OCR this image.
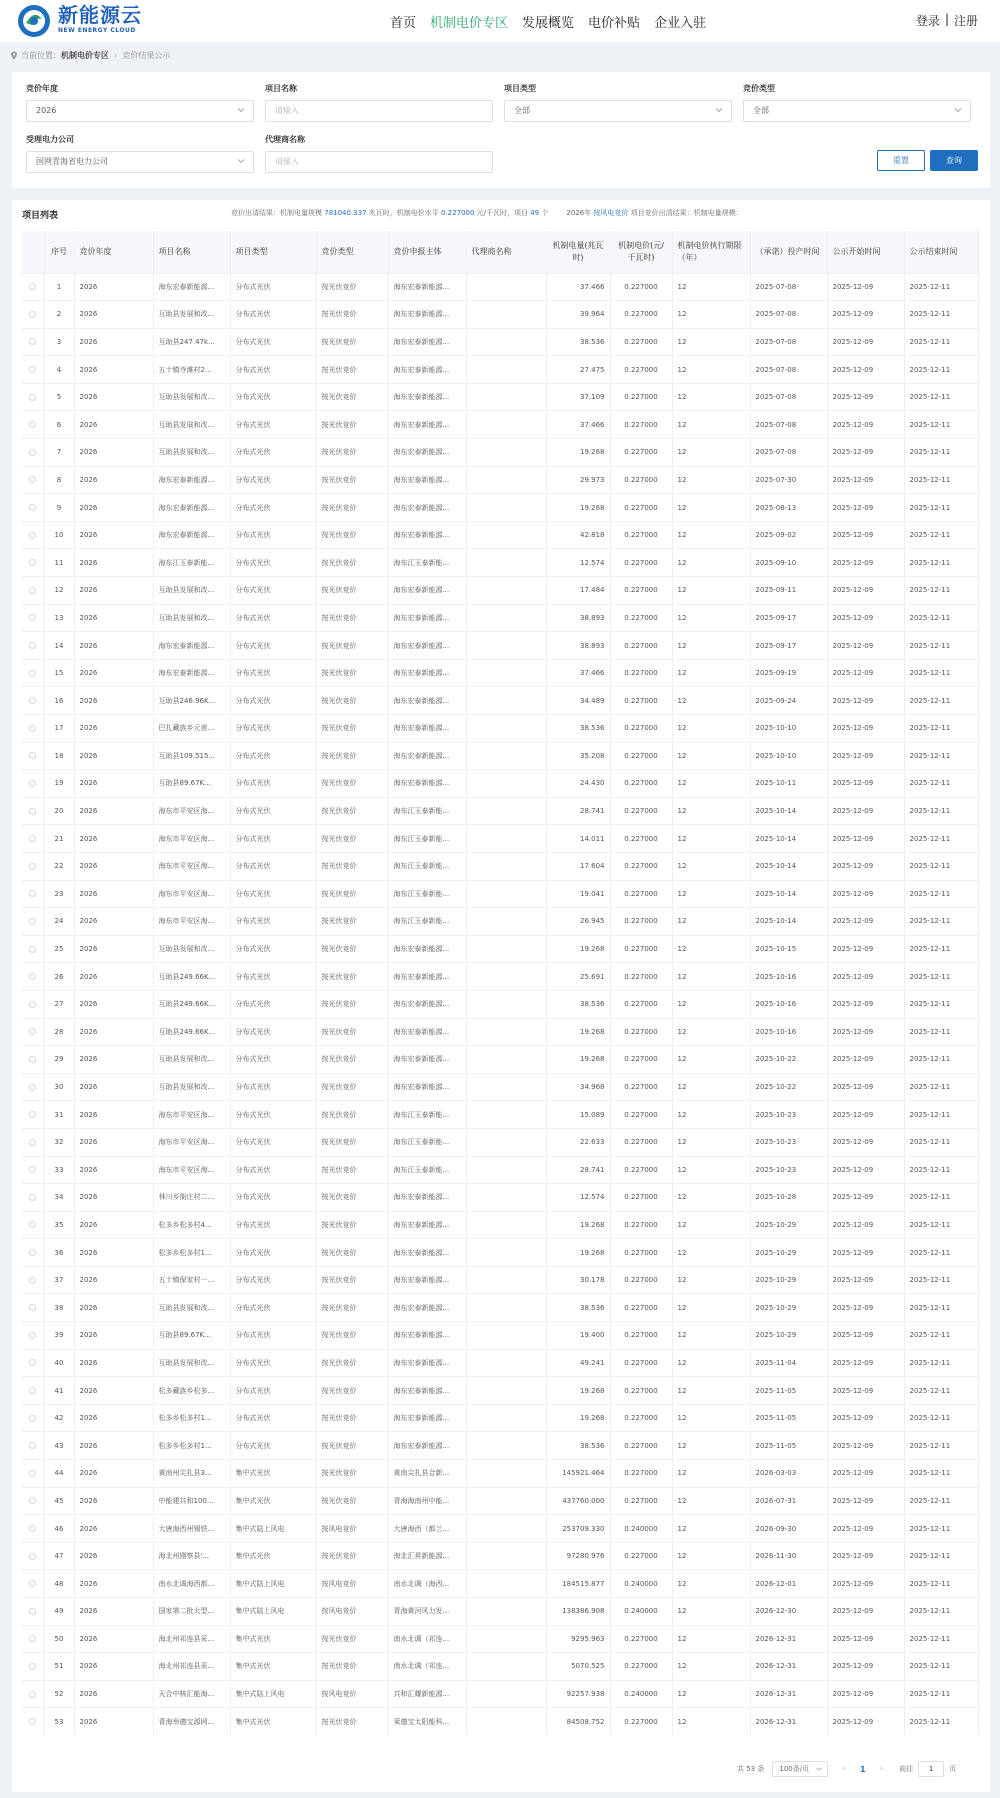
新能源云
NEW ENERGY CLOUD	首页 机制电价专区 发展概览 电价补贴 企业入驻	登录 | 注册
当前位置： 机制电价专区 › 竞价结果公示
竞价年度
2026
项目名称
请输入
项目类型
全部
竞价类型
全部
受理电力公司
国网青海省电力公司
代理商名称
请输入	重置	查询
项目列表	竞价出清结果：机制电量规模 781040.337 兆瓦时，机制电价水平 0.227000 元/千瓦时，项目 49 个	2026年 按风电竞价 项目竞价出清结果：机制电量规模：
	序号	竞价年度	项目名称	项目类型	竞价类型	竞价申报主体	代理商名称	机制电量(兆瓦时)	机制电价(元/千瓦时)	机制电价执行期限（年）	（承诺）投产时间	公示开始时间	公示结束时间
	1	2026	海东宏泰新能源...	分布式光伏	按光伏竞价	海东宏泰新能源...		37.466	0.227000	12	2025-07-08	2025-12-09	2025-12-11
	2	2026	互助县发展和改...	分布式光伏	按光伏竞价	海东宏泰新能源...		39.964	0.227000	12	2025-07-08	2025-12-09	2025-12-11
	3	2026	互助县247.47k...	分布式光伏	按光伏竞价	海东宏泰新能源...		38.536	0.227000	12	2025-07-08	2025-12-09	2025-12-11
	4	2026	五十镇寺滩村2...	分布式光伏	按光伏竞价	海东宏泰新能源...		27.475	0.227000	12	2025-07-08	2025-12-09	2025-12-11
	5	2026	互助县发展和改...	分布式光伏	按光伏竞价	海东宏泰新能源...		37.109	0.227000	12	2025-07-08	2025-12-09	2025-12-11
	6	2026	互助县发展和改...	分布式光伏	按光伏竞价	海东宏泰新能源...		37.466	0.227000	12	2025-07-08	2025-12-09	2025-12-11
	7	2026	互助县发展和改...	分布式光伏	按光伏竞价	海东宏泰新能源...		19.268	0.227000	12	2025-07-08	2025-12-09	2025-12-11
	8	2026	海东宏泰新能源...	分布式光伏	按光伏竞价	海东宏泰新能源...		29.973	0.227000	12	2025-07-30	2025-12-09	2025-12-11
	9	2026	海东宏泰新能源...	分布式光伏	按光伏竞价	海东宏泰新能源...		19.268	0.227000	12	2025-08-13	2025-12-09	2025-12-11
	10	2026	海东宏泰新能源...	分布式光伏	按光伏竞价	海东宏泰新能源...		42.818	0.227000	12	2025-09-02	2025-12-09	2025-12-11
	11	2026	海东江玉泰新能...	分布式光伏	按光伏竞价	海东江玉泰新能...		12.574	0.227000	12	2025-09-10	2025-12-09	2025-12-11
	12	2026	互助县发展和改...	分布式光伏	按光伏竞价	海东宏泰新能源...		17.484	0.227000	12	2025-09-11	2025-12-09	2025-12-11
	13	2026	互助县发展和改...	分布式光伏	按光伏竞价	海东宏泰新能源...		38.893	0.227000	12	2025-09-17	2025-12-09	2025-12-11
	14	2026	海东宏泰新能源...	分布式光伏	按光伏竞价	海东宏泰新能源...		38.893	0.227000	12	2025-09-17	2025-12-09	2025-12-11
	15	2026	海东宏泰新能源...	分布式光伏	按光伏竞价	海东宏泰新能源...		37.466	0.227000	12	2025-09-19	2025-12-09	2025-12-11
	16	2026	互助县246.96K...	分布式光伏	按光伏竞价	海东宏泰新能源...		34.489	0.227000	12	2025-09-24	2025-12-09	2025-12-11
	17	2026	巴扎藏族乡元甫...	分布式光伏	按光伏竞价	海东宏泰新能源...		38.536	0.227000	12	2025-10-10	2025-12-09	2025-12-11
	18	2026	互助县109.515...	分布式光伏	按光伏竞价	海东宏泰新能源...		35.208	0.227000	12	2025-10-10	2025-12-09	2025-12-11
	19	2026	互助县89.67K...	分布式光伏	按光伏竞价	海东宏泰新能源...		24.430	0.227000	12	2025-10-11	2025-12-09	2025-12-11
	20	2026	海东市平安区海...	分布式光伏	按光伏竞价	海东江玉泰新能...		28.741	0.227000	12	2025-10-14	2025-12-09	2025-12-11
	21	2026	海东市平安区海...	分布式光伏	按光伏竞价	海东江玉泰新能...		14.011	0.227000	12	2025-10-14	2025-12-09	2025-12-11
	22	2026	海东市平安区海...	分布式光伏	按光伏竞价	海东江玉泰新能...		17.604	0.227000	12	2025-10-14	2025-12-09	2025-12-11
	23	2026	海东市平安区海...	分布式光伏	按光伏竞价	海东江玉泰新能...		19.041	0.227000	12	2025-10-14	2025-12-09	2025-12-11
	24	2026	海东市平安区海...	分布式光伏	按光伏竞价	海东江玉泰新能...		26.945	0.227000	12	2025-10-14	2025-12-09	2025-12-11
	25	2026	互助县发展和改...	分布式光伏	按光伏竞价	海东宏泰新能源...		19.268	0.227000	12	2025-10-15	2025-12-09	2025-12-11
	26	2026	互助县249.66K...	分布式光伏	按光伏竞价	海东宏泰新能源...		25.691	0.227000	12	2025-10-16	2025-12-09	2025-12-11
	27	2026	互助县249.66K...	分布式光伏	按光伏竞价	海东宏泰新能源...		38.536	0.227000	12	2025-10-16	2025-12-09	2025-12-11
	28	2026	互助县249.66K...	分布式光伏	按光伏竞价	海东宏泰新能源...		19.268	0.227000	12	2025-10-16	2025-12-09	2025-12-11
	29	2026	互助县发展和改...	分布式光伏	按光伏竞价	海东宏泰新能源...		19.268	0.227000	12	2025-10-22	2025-12-09	2025-12-11
	30	2026	互助县发展和改...	分布式光伏	按光伏竞价	海东宏泰新能源...		34.968	0.227000	12	2025-10-22	2025-12-09	2025-12-11
	31	2026	海东市平安区海...	分布式光伏	按光伏竞价	海东江玉泰新能...		15.089	0.227000	12	2025-10-23	2025-12-09	2025-12-11
	32	2026	海东市平安区海...	分布式光伏	按光伏竞价	海东江玉泰新能...		22.633	0.227000	12	2025-10-23	2025-12-09	2025-12-11
	33	2026	海东市平安区海...	分布式光伏	按光伏竞价	海东江玉泰新能...		28.741	0.227000	12	2025-10-23	2025-12-09	2025-12-11
	34	2026	林川乡衙庄村二...	分布式光伏	按光伏竞价	海东宏泰新能源...		12.574	0.227000	12	2025-10-28	2025-12-09	2025-12-11
	35	2026	松多乡松多村4...	分布式光伏	按光伏竞价	海东宏泰新能源...		19.268	0.227000	12	2025-10-29	2025-12-09	2025-12-11
	36	2026	松多乡松多村1...	分布式光伏	按光伏竞价	海东宏泰新能源...		19.268	0.227000	12	2025-10-29	2025-12-09	2025-12-11
	37	2026	五十镇保家村一...	分布式光伏	按光伏竞价	海东宏泰新能源...		30.178	0.227000	12	2025-10-29	2025-12-09	2025-12-11
	38	2026	互助县发展和改...	分布式光伏	按光伏竞价	海东宏泰新能源...		38.536	0.227000	12	2025-10-29	2025-12-09	2025-12-11
	39	2026	互助县89.67K...	分布式光伏	按光伏竞价	海东宏泰新能源...		19.400	0.227000	12	2025-10-29	2025-12-09	2025-12-11
	40	2026	互助县发展和改...	分布式光伏	按光伏竞价	海东宏泰新能源...		49.241	0.227000	12	2025-11-04	2025-12-09	2025-12-11
	41	2026	松多藏族乡松多...	分布式光伏	按光伏竞价	海东宏泰新能源...		19.268	0.227000	12	2025-11-05	2025-12-09	2025-12-11
	42	2026	松多乡松多村1...	分布式光伏	按光伏竞价	海东宏泰新能源...		19.268	0.227000	12	2025-11-05	2025-12-09	2025-12-11
	43	2026	松多乡松多村1...	分布式光伏	按光伏竞价	海东宏泰新能源...		38.536	0.227000	12	2025-11-05	2025-12-09	2025-12-11
	44	2026	黄南州尖扎县3...	集中式光伏	按光伏竞价	黄南尖扎县合新...		145921.464	0.227000	12	2026-03-03	2025-12-09	2025-12-11
	45	2026	中能建共和100...	集中式光伏	按光伏竞价	青海海南州中能...		437760.000	0.227000	12	2026-07-31	2025-12-09	2025-12-11
	46	2026	大唐海西州锡铁...	集中式陆上风电	按风电竞价	大唐海西（都兰...		253709.330	0.240000	12	2026-09-30	2025-12-09	2025-12-11
	47	2026	海北州刚察县'...	集中式光伏	按光伏竞价	海北汇昇新能源...		97280.976	0.227000	12	2026-11-30	2025-12-09	2025-12-11
	48	2026	南水北调海西都...	集中式陆上风电	按风电竞价	南水北调（海西...		184515.877	0.240000	12	2026-12-01	2025-12-09	2025-12-11
	49	2026	国家第二批大型...	集中式陆上风电	按风电竞价	青海黄河风力发...		138386.908	0.240000	12	2026-12-30	2025-12-09	2025-12-11
	50	2026	海北州祁连县采...	集中式光伏	按光伏竞价	南水北调（祁连...		9295.963	0.227000	12	2026-12-31	2025-12-09	2025-12-11
	51	2026	海北州祁连县采...	集中式光伏	按光伏竞价	南水北调（祁连...		5070.525	0.227000	12	2026-12-31	2025-12-09	2025-12-11
	52	2026	天合中核汇能海...	集中式陆上风电	按风电竞价	共和汇耀新能源...		92257.938	0.240000	12	2026-12-31	2025-12-09	2025-12-11
	53	2026	青海举德宝源网...	集中式光伏	按光伏竞价	莱德宝太阳能科...		84508.752	0.227000	12	2026-12-31	2025-12-09	2025-12-11
共 53 条	100条/页	‹ 1 › 前往	1	页
